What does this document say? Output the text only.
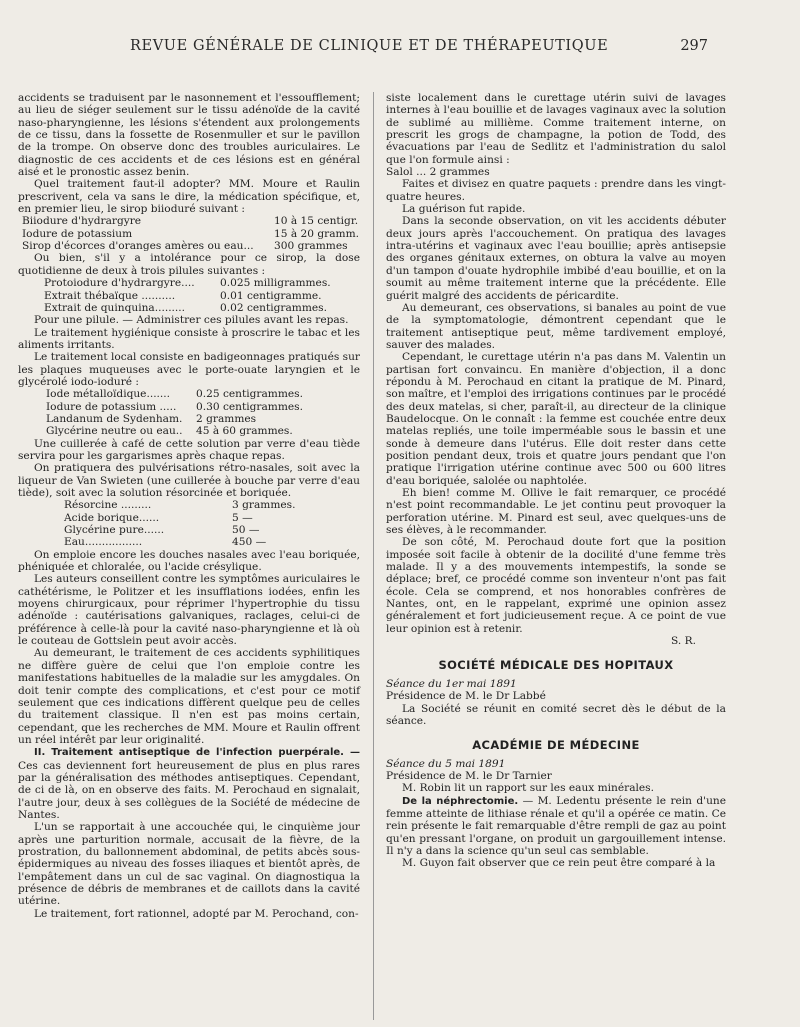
REVUE GÉNÉRALE DE CLINIQUE ET DE THÉRAPEUTIQUE	297

accidents se traduisent par le nasonnement et l'essoufflement; au lieu de siéger seulement sur le tissu adénoïde de la cavité naso-pharyngienne, les lésions s'étendent aux prolongements de ce tissu, dans la fossette de Rosenmuller et sur le pavillon de la trompe. On observe donc des troubles auriculaires. Le diagnostic de ces accidents et de ces lésions est en général aisé et le pronostic assez benin.

Quel traitement faut-il adopter? MM. Moure et Raulin prescrivent, cela va sans le dire, la médication spécifique, et, en premier lieu, le sirop biioduré suivant :

Biiodure d'hydrargyre	10 à 15 centigr.
Iodure de potassium	15 à 20 gramm.
Sirop d'écorces d'oranges amères ou eau...	300 grammes

Ou bien, s'il y a intolérance pour ce sirop, la dose quotidienne de deux à trois pilules suivantes :

Protoiodure d'hydrargyre....	0.025 milligrammes.
Extrait thébaïque ..........	0.01 centigramme.
Extrait de quinquina.........	0.02 centigrammes.

Pour une pilule. — Administrer ces pilules avant les repas.

Le traitement hygiénique consiste à proscrire le tabac et les aliments irritants.

Le traitement local consiste en badigeonnages pratiqués sur les plaques muqueuses avec le porte-ouate laryngien et le glycérolé iodo-ioduré :

Iode métalloïdique.......	0.25 centigrammes.
Iodure de potassium .....	0.30 centigrammes.
Landanum de Sydenham.	2 grammes
Glycérine neutre ou eau..	45 à 60 grammes.

Une cuillerée à café de cette solution par verre d'eau tiède servira pour les gargarismes après chaque repas.

On pratiquera des pulvérisations rétro-nasales, soit avec la liqueur de Van Swieten (une cuillerée à bouche par verre d'eau tiède), soit avec la solution résorcinée et boriquée.

Résorcine .........	3 grammes.
Acide borique......	5 —
Glycérine pure......	50 —
Eau.................	450 —

On emploie encore les douches nasales avec l'eau boriquée, phéniquée et chloralée, ou l'acide crésylique.

Les auteurs conseillent contre les symptômes auriculaires le cathétérisme, le Politzer et les insufflations iodées, enfin les moyens chirurgicaux, pour réprimer l'hypertrophie du tissu adénoïde : cautérisations galvaniques, raclages, celui-ci de préférence à celle-là pour la cavité naso-pharyngienne et là où le couteau de Gottslein peut avoir accès.

Au demeurant, le traitement de ces accidents syphilitiques ne diffère guère de celui que l'on emploie contre les manifestations habituelles de la maladie sur les amygdales. On doit tenir compte des complications, et c'est pour ce motif seulement que ces indications diffèrent quelque peu de celles du traitement classique. Il n'en est pas moins certain, cependant, que les recherches de MM. Moure et Raulin offrent un réel intérêt par leur originalité.

II. Traitement antiseptique de l'infection puerpérale. — Ces cas deviennent fort heureusement de plus en plus rares par la généralisation des méthodes antiseptiques. Cependant, de ci de là, on en observe des faits. M. Perochaud en signalait, l'autre jour, deux à ses collègues de la Société de médecine de Nantes.

L'un se rapportait à une accouchée qui, le cinquième jour après une parturition normale, accusait de la fièvre, de la prostration, du ballonnement abdominal, de petits abcès sous-épidermiques au niveau des fosses iliaques et bientôt après, de l'empâtement dans un cul de sac vaginal. On diagnostiqua la présence de débris de membranes et de caillots dans la cavité utérine.

Le traitement, fort rationnel, adopté par M. Perochand, con-

siste localement dans le curettage utérin suivi de lavages internes à l'eau bouillie et de lavages vaginaux avec la solution de sublimé au millième. Comme traitement interne, on prescrit les grogs de champagne, la potion de Todd, des évacuations par l'eau de Sedlitz et l'administration du salol que l'on formule ainsi :

Salol ... 2 grammes

Faites et divisez en quatre paquets : prendre dans les vingt-quatre heures.

La guérison fut rapide.

Dans la seconde observation, on vit les accidents débuter deux jours après l'accouchement. On pratiqua des lavages intra-utérins et vaginaux avec l'eau bouillie; après antisepsie des organes génitaux externes, on obtura la valve au moyen d'un tampon d'ouate hydrophile imbibé d'eau bouillie, et on la soumit au même traitement interne que la précédente. Elle guérit malgré des accidents de péricardite.

Au demeurant, ces observations, si banales au point de vue de la symptomatologie, démontrent cependant que le traitement antiseptique peut, même tardivement employé, sauver des malades.

Cependant, le curettage utérin n'a pas dans M. Valentin un partisan fort convaincu. En manière d'objection, il a donc répondu à M. Perochaud en citant la pratique de M. Pinard, son maître, et l'emploi des irrigations continues par le procédé des deux matelas, si cher, paraît-il, au directeur de la clinique Baudelocque. On le connaît : la femme est couchée entre deux matelas repliés, une toile imperméable sous le bassin et une sonde à demeure dans l'utérus. Elle doit rester dans cette position pendant deux, trois et quatre jours pendant que l'on pratique l'irrigation utérine continue avec 500 ou 600 litres d'eau boriquée, salolée ou naphtolée.

Eh bien! comme M. Ollive le fait remarquer, ce procédé n'est point recommandable. Le jet continu peut provoquer la perforation utérine. M. Pinard est seul, avec quelques-uns de ses élèves, à le recommander.

De son côté, M. Perochaud doute fort que la position imposée soit facile à obtenir de la docilité d'une femme très malade. Il y a des mouvements intempestifs, la sonde se déplace; bref, ce procédé comme son inventeur n'ont pas fait école. Cela se comprend, et nos honorables confrères de Nantes, ont, en le rappelant, exprimé une opinion assez généralement et fort judicieusement reçue. A ce point de vue leur opinion est à retenir.

S. R.

SOCIÉTÉ MÉDICALE DES HOPITAUX

Séance du 1er mai 1891

Présidence de M. le Dr Labbé

La Société se réunit en comité secret dès le début de la séance.

ACADÉMIE DE MÉDECINE

Séance du 5 mai 1891

Présidence de M. le Dr Tarnier

M. Robin lit un rapport sur les eaux minérales.

De la néphrectomie. — M. Ledentu présente le rein d'une femme atteinte de lithiase rénale et qu'il a opérée ce matin. Ce rein présente le fait remarquable d'être rempli de gaz au point qu'en pressant l'organe, on produit un gargouillement intense. Il n'y a dans la science qu'un seul cas semblable.

M. Guyon fait observer que ce rein peut être comparé à la
